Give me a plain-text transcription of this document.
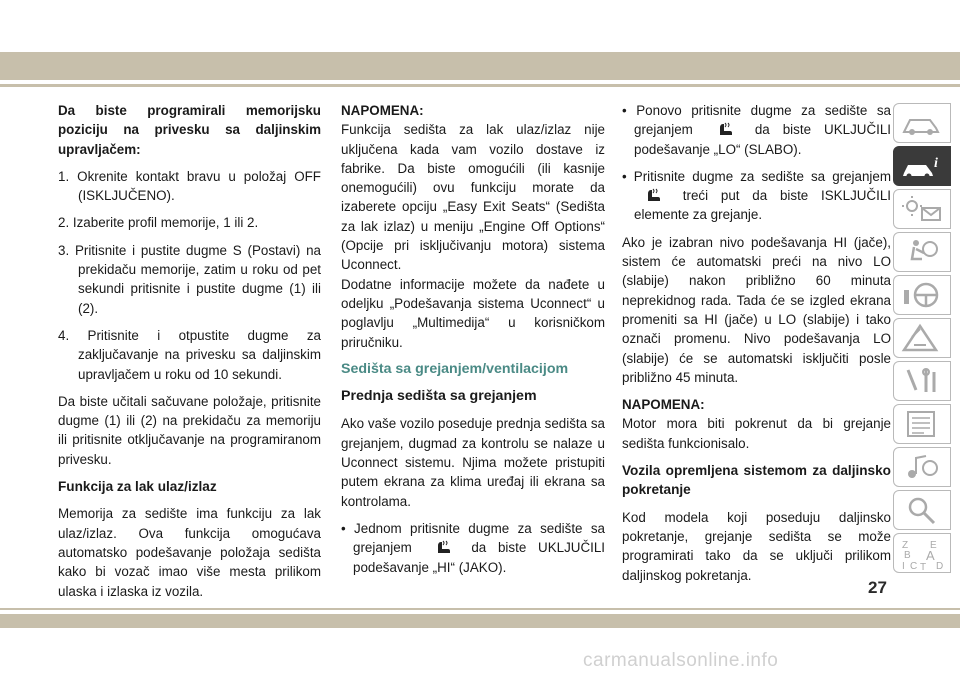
Da biste programirali memorijsku poziciju na privesku sa daljinskim upravljačem:

1. Okrenite kontakt bravu u položaj OFF (ISKLJUČENO).

2. Izaberite profil memorije, 1 ili 2.

3. Pritisnite i pustite dugme S (Postavi) na prekidaču memorije, zatim u roku od pet sekundi pritisnite i pustite dugme (1) ili (2).

4. Pritisnite i otpustite dugme za zaključavanje na privesku sa daljinskim upravljačem u roku od 10 sekundi.

Da biste učitali sačuvane položaje, pritisnite dugme (1) ili (2) na prekidaču za memoriju ili pritisnite otključavanje na programiranom privesku.

Funkcija za lak ulaz/izlaz

Memorija za sedište ima funkciju za lak ulaz/izlaz. Ova funkcija omogućava automatsko podešavanje položaja sedišta kako bi vozač imao više mesta prilikom ulaska i izlaska iz vozila.

NAPOMENA:

Funkcija sedišta za lak ulaz/izlaz nije uključena kada vam vozilo dostave iz fabrike. Da biste omogućili (ili kasnije onemogućili) ovu funkciju morate da izaberete opciju „Easy Exit Seats“ (Sedišta za lak izlaz) u meniju „Engine Off Options“ (Opcije pri isključivanju motora) sistema Uconnect.

Dodatne informacije možete da nađete u odeljku „Podešavanja sistema Uconnect“ u poglavlju „Multimedija“ u korisničkom priručniku.

Sedišta sa grejanjem/ventilacijom

Prednja sedišta sa grejanjem

Ako vaše vozilo poseduje prednja sedišta sa grejanjem, dugmad za kontrolu se nalaze u Uconnect sistemu. Njima možete pristupiti putem ekrana za klima uređaj ili ekrana sa kontrolama.

• Jednom pritisnite dugme za sedište sa grejanjem	da biste UKLJUČILI podešavanje „HI“ (JAKO).

• Ponovo pritisnite dugme za sedište sa grejanjem	da biste UKLJUČILI podešavanje „LO“ (SLABO).

• Pritisnite dugme za sedište sa grejanjem  treći put da biste ISKLJUČILI elemente za grejanje.

Ako je izabran nivo podešavanja HI (jače), sistem će automatski preći na nivo LO (slabije) nakon približno 60 minuta neprekidnog rada. Tada će se izgled ekrana promeniti sa HI (jače) u LO (slabije) i tako označi promenu. Nivo podešavanja LO (slabije) će se automatski isključiti posle približno 45 minuta.

NAPOMENA:

Motor mora biti pokrenut da bi grejanje sedišta funkcionisalo.

Vozila opremljena sistemom za daljinsko pokretanje

Kod modela koji poseduju daljinsko pokretanje, grejanje sedišta se može programirati tako da se uključi prilikom daljinskog pokretanja.

i
Z E
B A
C D
I T
27
carmanualsonline.info
